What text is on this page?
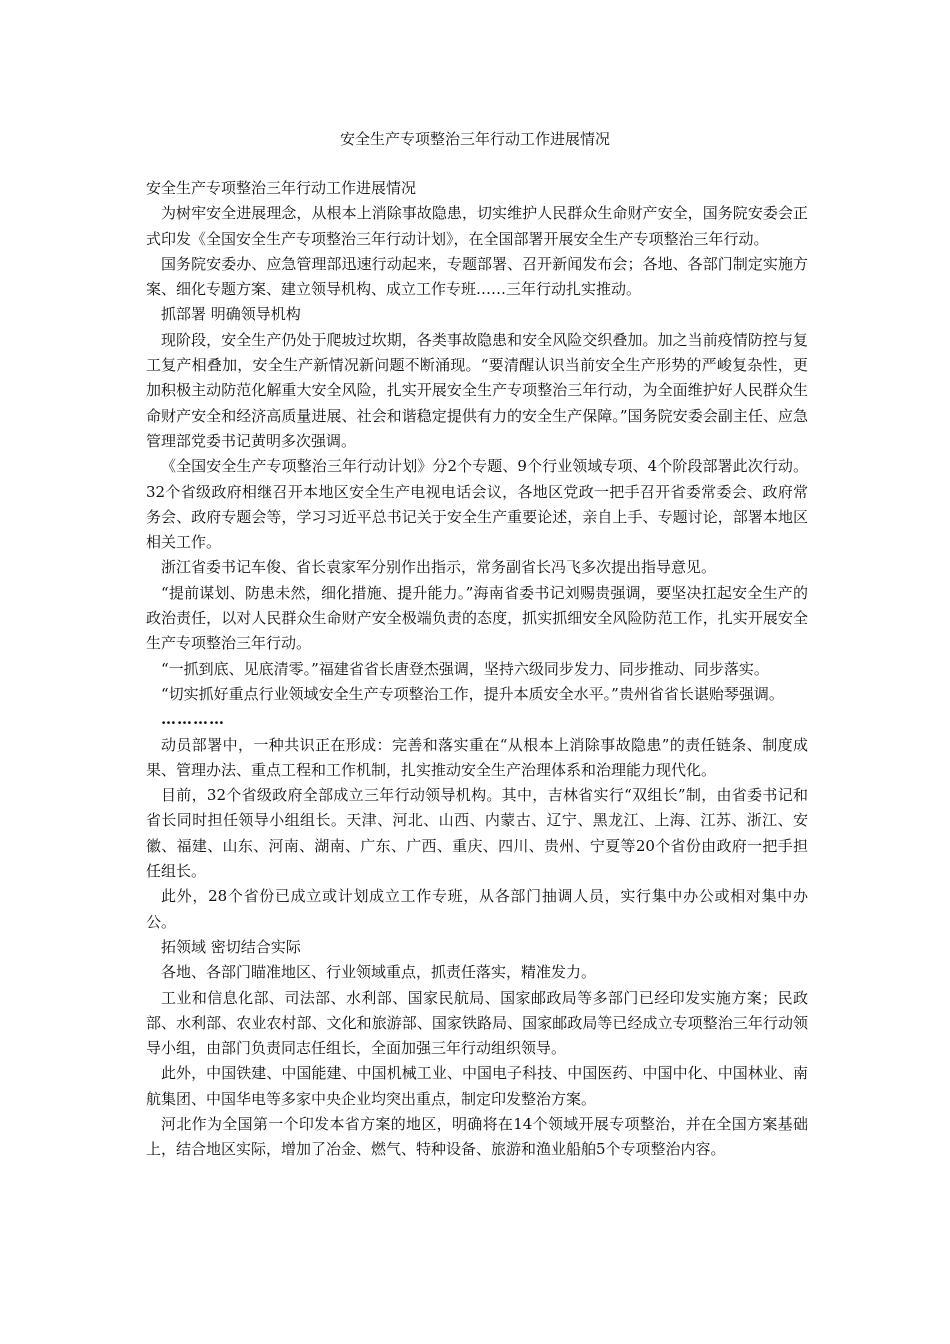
安全生产专项整治三年行动工作进展情况

安全生产专项整治三年行动工作进展情况

为树牢安全进展理念，从根本上消除事故隐患，切实维护人民群众生命财产安全，国务院安委会正式印发《全国安全生产专项整治三年行动计划》，在全国部署开展安全生产专项整治三年行动。

国务院安委办、应急管理部迅速行动起来，专题部署、召开新闻发布会；各地、各部门制定实施方案、细化专题方案、建立领导机构、成立工作专班……三年行动扎实推动。

抓部署 明确领导机构

现阶段，安全生产仍处于爬坡过坎期，各类事故隐患和安全风险交织叠加。加之当前疫情防控与复工复产相叠加，安全生产新情况新问题不断涌现。“要清醒认识当前安全生产形势的严峻复杂性，更加积极主动防范化解重大安全风险，扎实开展安全生产专项整治三年行动，为全面维护好人民群众生命财产安全和经济高质量进展、社会和谐稳定提供有力的安全生产保障。”国务院安委会副主任、应急管理部党委书记黄明多次强调。

《全国安全生产专项整治三年行动计划》分2个专题、9个行业领域专项、4个阶段部署此次行动。32个省级政府相继召开本地区安全生产电视电话会议，各地区党政一把手召开省委常委会、政府常务会、政府专题会等，学习习近平总书记关于安全生产重要论述，亲自上手、专题讨论，部署本地区相关工作。

浙江省委书记车俊、省长袁家军分别作出指示，常务副省长冯飞多次提出指导意见。

“提前谋划、防患未然，细化措施、提升能力。”海南省委书记刘赐贵强调，要坚决扛起安全生产的政治责任，以对人民群众生命财产安全极端负责的态度，抓实抓细安全风险防范工作，扎实开展安全生产专项整治三年行动。

“一抓到底、见底清零。”福建省省长唐登杰强调，坚持六级同步发力、同步推动、同步落实。

“切实抓好重点行业领域安全生产专项整治工作，提升本质安全水平。”贵州省省长谌贻琴强调。

…………

动员部署中，一种共识正在形成：完善和落实重在“从根本上消除事故隐患”的责任链条、制度成果、管理办法、重点工程和工作机制，扎实推动安全生产治理体系和治理能力现代化。

目前，32个省级政府全部成立三年行动领导机构。其中，吉林省实行“双组长”制，由省委书记和省长同时担任领导小组组长。天津、河北、山西、内蒙古、辽宁、黑龙江、上海、江苏、浙江、安徽、福建、山东、河南、湖南、广东、广西、重庆、四川、贵州、宁夏等20个省份由政府一把手担任组长。

此外，28个省份已成立或计划成立工作专班，从各部门抽调人员，实行集中办公或相对集中办公。

拓领域 密切结合实际

各地、各部门瞄准地区、行业领域重点，抓责任落实，精准发力。

工业和信息化部、司法部、水利部、国家民航局、国家邮政局等多部门已经印发实施方案；民政部、水利部、农业农村部、文化和旅游部、国家铁路局、国家邮政局等已经成立专项整治三年行动领导小组，由部门负责同志任组长，全面加强三年行动组织领导。

此外，中国铁建、中国能建、中国机械工业、中国电子科技、中国医药、中国中化、中国林业、南航集团、中国华电等多家中央企业均突出重点，制定印发整治方案。

河北作为全国第一个印发本省方案的地区，明确将在14个领域开展专项整治，并在全国方案基础上，结合地区实际，增加了冶金、燃气、特种设备、旅游和渔业船舶5个专项整治内容。
